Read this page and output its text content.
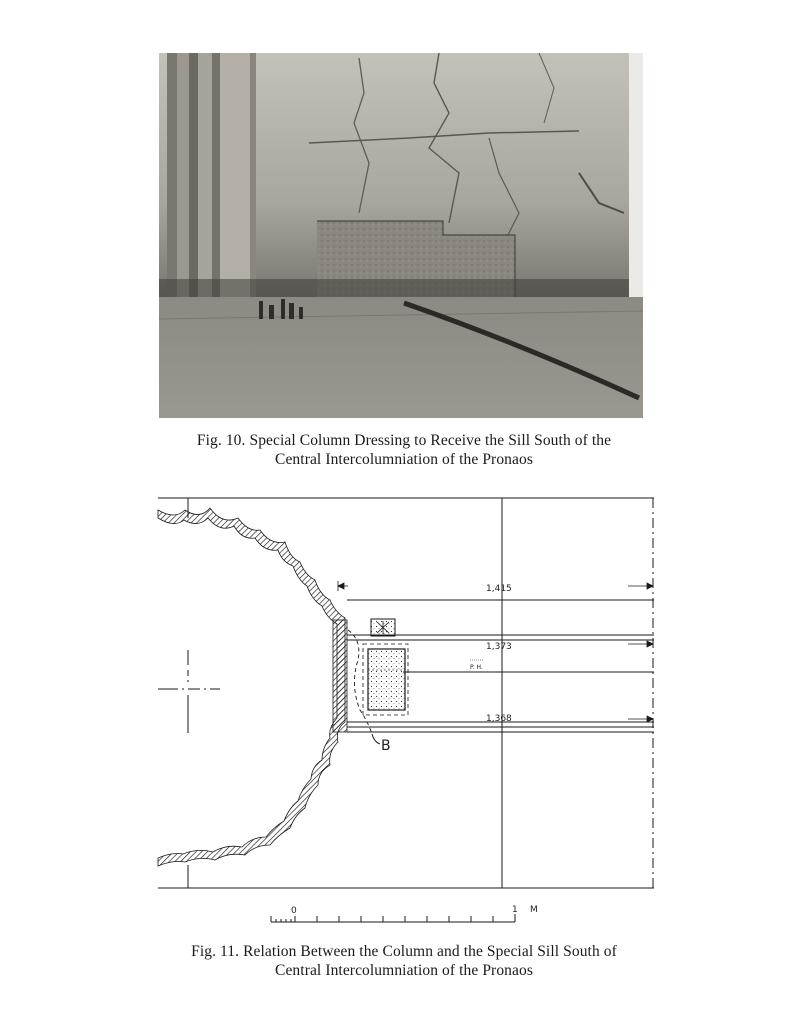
Fig. 10. Special Column Dressing to Receive the Sill South of the
Central Intercolumniation of the Pronaos
1,415
1,373
1,368
B
P. H.
0	1 M
Fig. 11. Relation Between the Column and the Special Sill South of
Central Intercolumniation of the Pronaos
